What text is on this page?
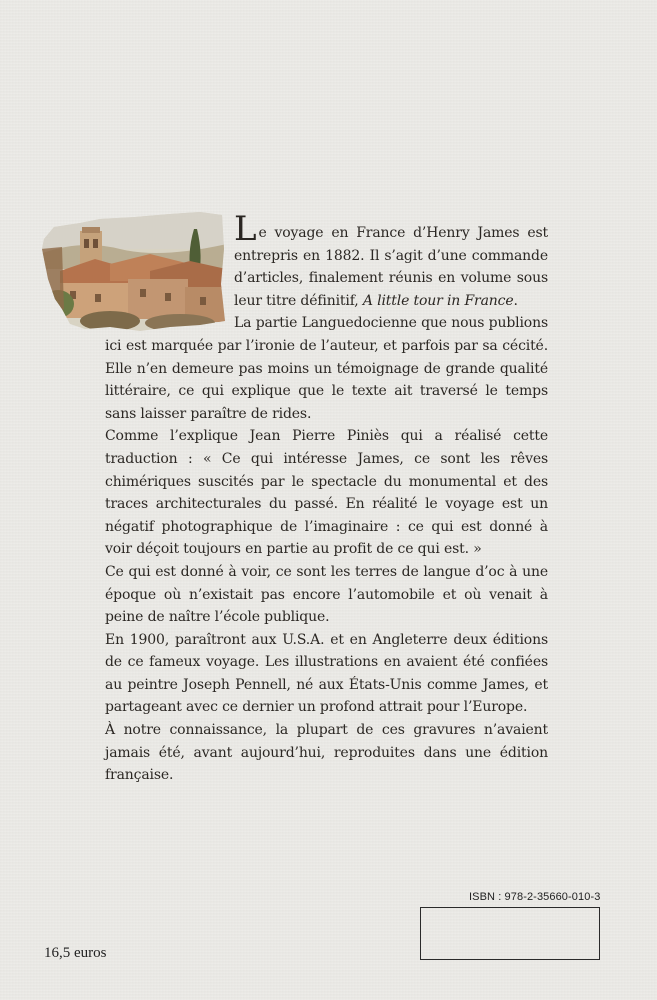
Le voyage en France d’Henry James est entrepris en 1882. Il s’agit d’une commande d’articles, finalement réunis en volume sous leur titre définitif, A little tour in France.

La partie Languedocienne que nous publions ici est marquée par l’ironie de l’auteur, et parfois par sa cécité. Elle n’en demeure pas moins un témoignage de grande qualité littéraire, ce qui explique que le texte ait traversé le temps sans laisser paraître de rides.

Comme l’explique Jean Pierre Piniès qui a réalisé cette traduction : « Ce qui intéresse James, ce sont les rêves chimériques suscités par le spectacle du monumental et des traces architecturales du passé. En réalité le voyage est un négatif photographique de l’imaginaire : ce qui est donné à voir déçoit toujours en partie au profit de ce qui est. »

Ce qui est donné à voir, ce sont les terres de langue d’oc à une époque où n’existait pas encore l’automobile et où venait à peine de naître l’école publique.

En 1900, paraîtront aux U.S.A. et en Angleterre deux éditions de ce fameux voyage. Les illustrations en avaient été confiées au peintre Joseph Pennell, né aux États-Unis comme James, et partageant avec ce dernier un profond attrait pour l’Europe.

À notre connaissance, la plupart de ces gravures n’avaient jamais été, avant aujourd’hui, reproduites dans une édition française.

ISBN : 978-2-35660-010-3
16,5 euros
